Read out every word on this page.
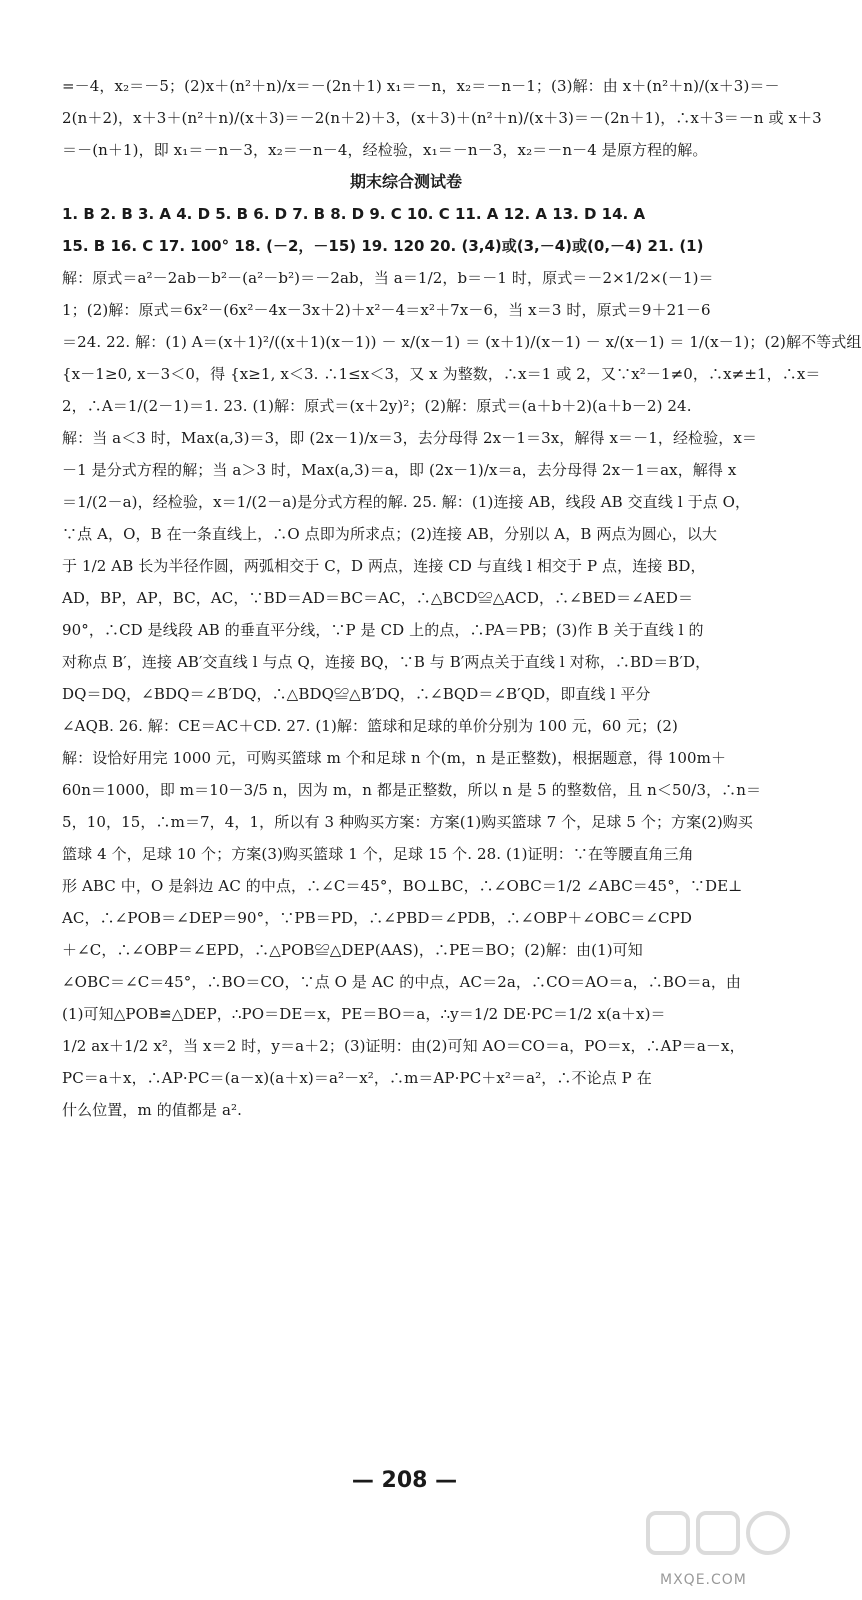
=－4，x₂＝－5；(2)x＋(n²＋n)/x＝－(2n＋1) x₁＝－n，x₂＝－n－1；(3)解：由 x＋(n²＋n)/(x＋3)＝－
2(n＋2)，x＋3＋(n²＋n)/(x＋3)＝－2(n＋2)＋3，(x＋3)＋(n²＋n)/(x＋3)＝－(2n＋1)，∴x＋3＝－n 或 x＋3
＝－(n＋1)，即 x₁＝－n－3，x₂＝－n－4，经检验，x₁＝－n－3，x₂＝－n－4 是原方程的解。
期末综合测试卷
1. B 2. B 3. A 4. D 5. B 6. D 7. B 8. D 9. C 10. C 11. A 12. A 13. D 14. A
15. B 16. C 17. 100° 18. (－2，－15) 19. 120 20. (3,4)或(3,－4)或(0,－4) 21. (1)
解：原式＝a²－2ab－b²－(a²－b²)＝－2ab，当 a＝1/2，b＝－1 时，原式＝－2×1/2×(－1)＝
1；(2)解：原式＝6x²－(6x²－4x－3x＋2)＋x²－4＝x²＋7x－6，当 x＝3 时，原式＝9＋21－6
＝24. 22. 解：(1) A＝(x＋1)²/((x＋1)(x－1)) － x/(x－1) ＝ (x＋1)/(x－1) － x/(x－1) ＝ 1/(x－1)；(2)解不等式组
{x－1≥0, x－3＜0，得 {x≥1, x＜3. ∴1≤x＜3，又 x 为整数，∴x＝1 或 2，又∵x²－1≠0，∴x≠±1，∴x＝
2，∴A＝1/(2－1)＝1. 23. (1)解：原式＝(x＋2y)²；(2)解：原式＝(a＋b＋2)(a＋b－2) 24.
解：当 a＜3 时，Max(a,3)＝3，即 (2x－1)/x＝3，去分母得 2x－1＝3x，解得 x＝－1，经检验，x＝
－1 是分式方程的解；当 a＞3 时，Max(a,3)＝a，即 (2x－1)/x＝a，去分母得 2x－1＝ax，解得 x
＝1/(2－a)，经检验，x＝1/(2－a)是分式方程的解. 25. 解：(1)连接 AB，线段 AB 交直线 l 于点 O，
∵点 A，O，B 在一条直线上，∴O 点即为所求点；(2)连接 AB，分别以 A，B 两点为圆心，以大
于 1/2 AB 长为半径作圆，两弧相交于 C，D 两点，连接 CD 与直线 l 相交于 P 点，连接 BD，
AD，BP，AP，BC，AC，∵BD＝AD＝BC＝AC，∴△BCD≌△ACD，∴∠BED＝∠AED＝
90°，∴CD 是线段 AB 的垂直平分线，∵P 是 CD 上的点，∴PA＝PB；(3)作 B 关于直线 l 的
对称点 B′，连接 AB′交直线 l 与点 Q，连接 BQ，∵B 与 B′两点关于直线 l 对称，∴BD＝B′D，
DQ＝DQ，∠BDQ＝∠B′DQ，∴△BDQ≌△B′DQ，∴∠BQD＝∠B′QD，即直线 l 平分
∠AQB. 26. 解：CE＝AC＋CD. 27. (1)解：篮球和足球的单价分别为 100 元，60 元；(2)
解：设恰好用完 1000 元，可购买篮球 m 个和足球 n 个(m，n 是正整数)，根据题意，得 100m＋
60n＝1000，即 m＝10－3/5 n，因为 m，n 都是正整数，所以 n 是 5 的整数倍，且 n＜50/3，∴n＝
5，10，15，∴m＝7，4，1，所以有 3 种购买方案：方案(1)购买篮球 7 个，足球 5 个；方案(2)购买
篮球 4 个，足球 10 个；方案(3)购买篮球 1 个，足球 15 个. 28. (1)证明：∵在等腰直角三角
形 ABC 中，O 是斜边 AC 的中点，∴∠C＝45°，BO⊥BC，∴∠OBC＝1/2 ∠ABC＝45°，∵DE⊥
AC，∴∠POB＝∠DEP＝90°，∵PB＝PD，∴∠PBD＝∠PDB，∴∠OBP＋∠OBC＝∠CPD
＋∠C，∴∠OBP＝∠EPD，∴△POB≌△DEP(AAS)，∴PE＝BO；(2)解：由(1)可知
∠OBC＝∠C＝45°，∴BO＝CO，∵点 O 是 AC 的中点，AC＝2a，∴CO＝AO＝a，∴BO＝a，由
(1)可知△POB≌△DEP，∴PO＝DE＝x，PE＝BO＝a，∴y＝1/2 DE·PC＝1/2 x(a＋x)＝
1/2 ax＋1/2 x²，当 x＝2 时，y＝a＋2；(3)证明：由(2)可知 AO＝CO＝a，PO＝x，∴AP＝a－x，
PC＝a＋x，∴AP·PC＝(a－x)(a＋x)＝a²－x²，∴m＝AP·PC＋x²＝a²，∴不论点 P 在
什么位置，m 的值都是 a².
— 208 —
MXQE.COM
